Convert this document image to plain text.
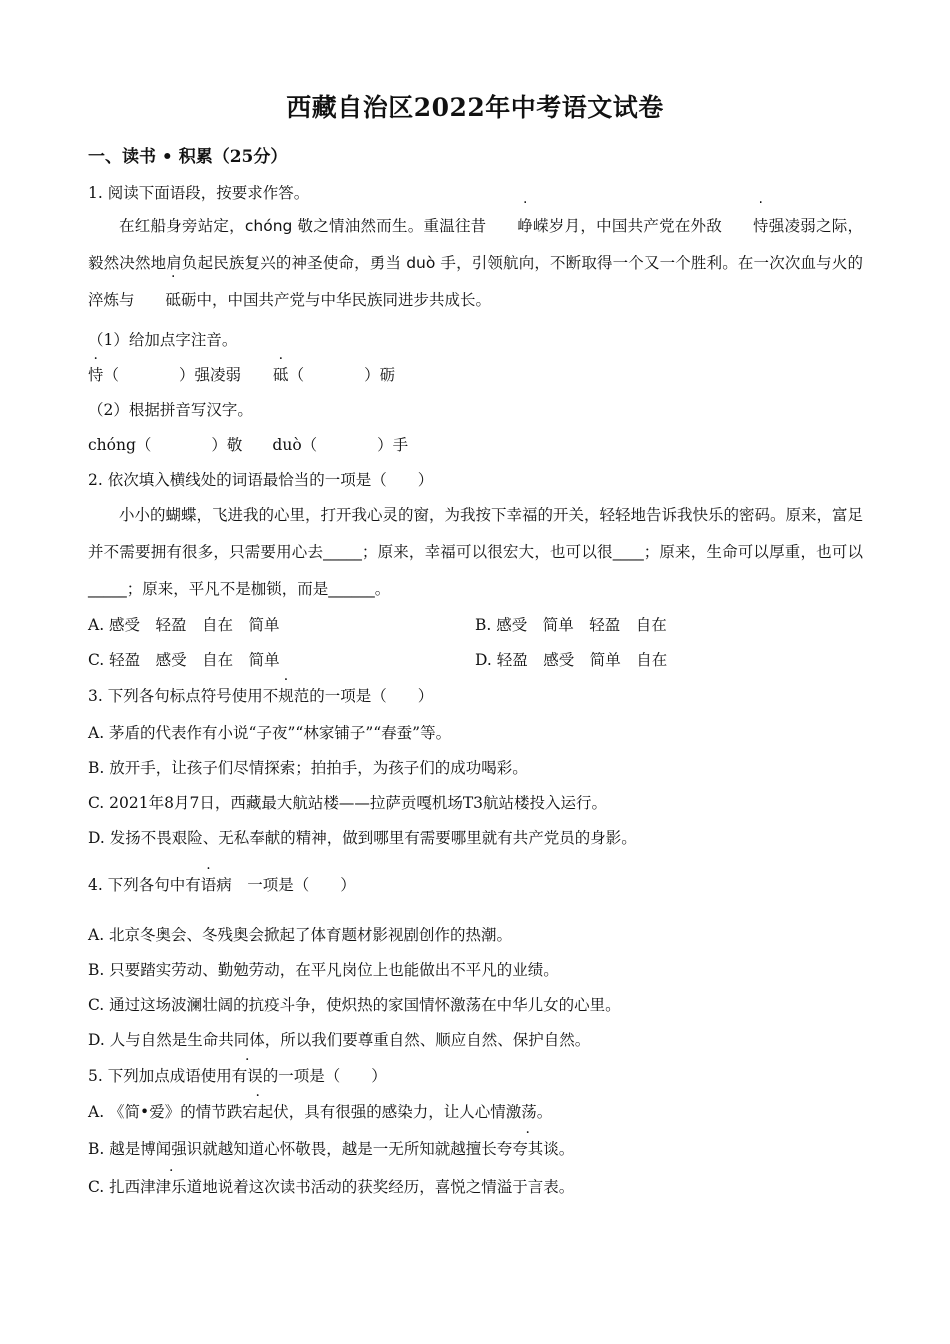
西藏自治区2022年中考语文试卷
一、读书 • 积累（25分）
1. 阅读下面语段，按要求作答。
在红船身旁站定，chóng 敬之情油然而生。重温往昔 峥嵘岁月，中国共产党在外敌 恃强凌弱之际，毅然决然地肩负起民族复兴的神圣使命，勇当 duò 手，引领航向，不断取得一个又一个胜利。在一次次血与火的淬炼与 砥砺中，中国共产党与中华民族同进步共成长。
（1）给加点字注音。
恃（	）强凌弱 砥（	）砺
（2）根据拼音写汉字。
chóng（	）敬 duò（	）手
2. 依次填入横线处的词语最恰当的一项是（　　）
小小的蝴蝶，飞进我的心里，打开我心灵的窗，为我按下幸福的开关，轻轻地告诉我快乐的密码。原来，富足并不需要拥有很多，只需要用心去_____；原来，幸福可以很宏大，也可以很____；原来，生命可以厚重，也可以_____；原来，平凡不是枷锁，而是______。
A. 感受　轻盈　自在　简单	B. 感受　简单　轻盈　自在
C. 轻盈　感受　自在　简单	D. 轻盈　感受　简单　自在
3. 下列各句标点符号使用不规范的一项是（　　）
A. 茅盾的代表作有小说“子夜”“林家铺子”“春蚕”等。
B. 放开手，让孩子们尽情探索；拍拍手，为孩子们的成功喝彩。
C. 2021年8月7日，西藏最大航站楼——拉萨贡嘎机场T3航站楼投入运行。
D. 发扬不畏艰险、无私奉献的精神，做到哪里有需要哪里就有共产党员的身影。
4. 下列各句中有语病　一项是（　　）
A. 北京冬奥会、冬残奥会掀起了体育题材影视剧创作的热潮。
B. 只要踏实劳动、勤勉劳动，在平凡岗位上也能做出不平凡的业绩。
C. 通过这场波澜壮阔的抗疫斗争，使炽热的家国情怀激荡在中华儿女的心里。
D. 人与自然是生命共同体，所以我们要尊重自然、顺应自然、保护自然。
5. 下列加点成语使用有误的一项是（　　）
A. 《简•爱》的情节跌宕起伏，具有很强的感染力，让人心情激荡。
B. 越是博闻强识就越知道心怀敬畏，越是一无所知就越擅长夸夸其谈。
C. 扎西津津乐道地说着这次读书活动的获奖经历，喜悦之情溢于言表。
